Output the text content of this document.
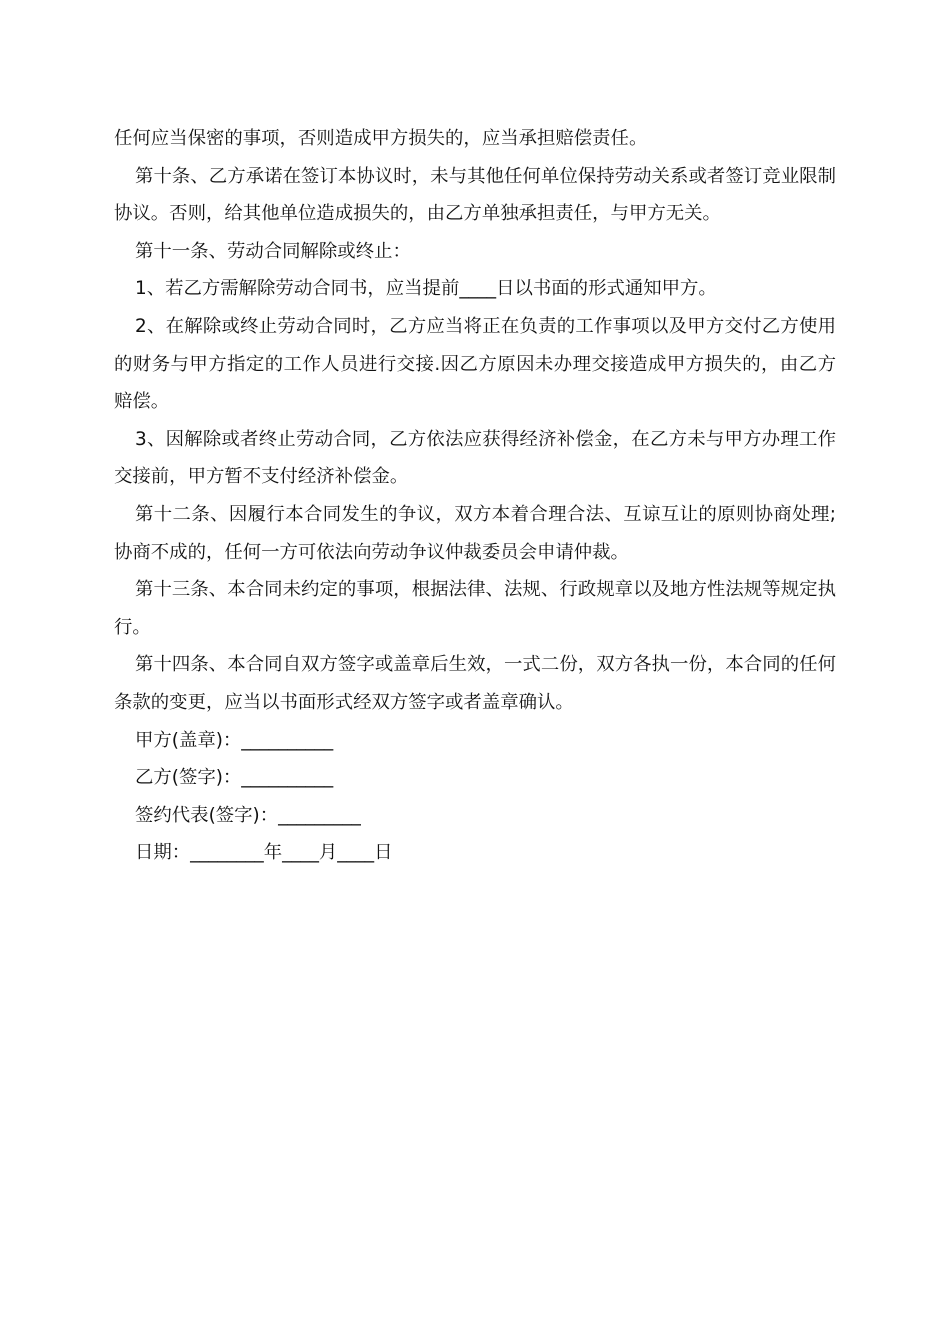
任何应当保密的事项，否则造成甲方损失的，应当承担赔偿责任。

第十条、乙方承诺在签订本协议时，未与其他任何单位保持劳动关系或者签订竞业限制协议。否则，给其他单位造成损失的，由乙方单独承担责任，与甲方无关。

第十一条、劳动合同解除或终止：

1、若乙方需解除劳动合同书，应当提前____日以书面的形式通知甲方。

2、在解除或终止劳动合同时，乙方应当将正在负责的工作事项以及甲方交付乙方使用的财务与甲方指定的工作人员进行交接.因乙方原因未办理交接造成甲方损失的，由乙方赔偿。

3、因解除或者终止劳动合同，乙方依法应获得经济补偿金，在乙方未与甲方办理工作交接前，甲方暂不支付经济补偿金。

第十二条、因履行本合同发生的争议，双方本着合理合法、互谅互让的原则协商处理;协商不成的，任何一方可依法向劳动争议仲裁委员会申请仲裁。

第十三条、本合同未约定的事项，根据法律、法规、行政规章以及地方性法规等规定执行。

第十四条、本合同自双方签字或盖章后生效，一式二份，双方各执一份，本合同的任何条款的变更，应当以书面形式经双方签字或者盖章确认。

甲方(盖章)：__________

乙方(签字)：__________

签约代表(签字)：_________

日期：________年____月____日
